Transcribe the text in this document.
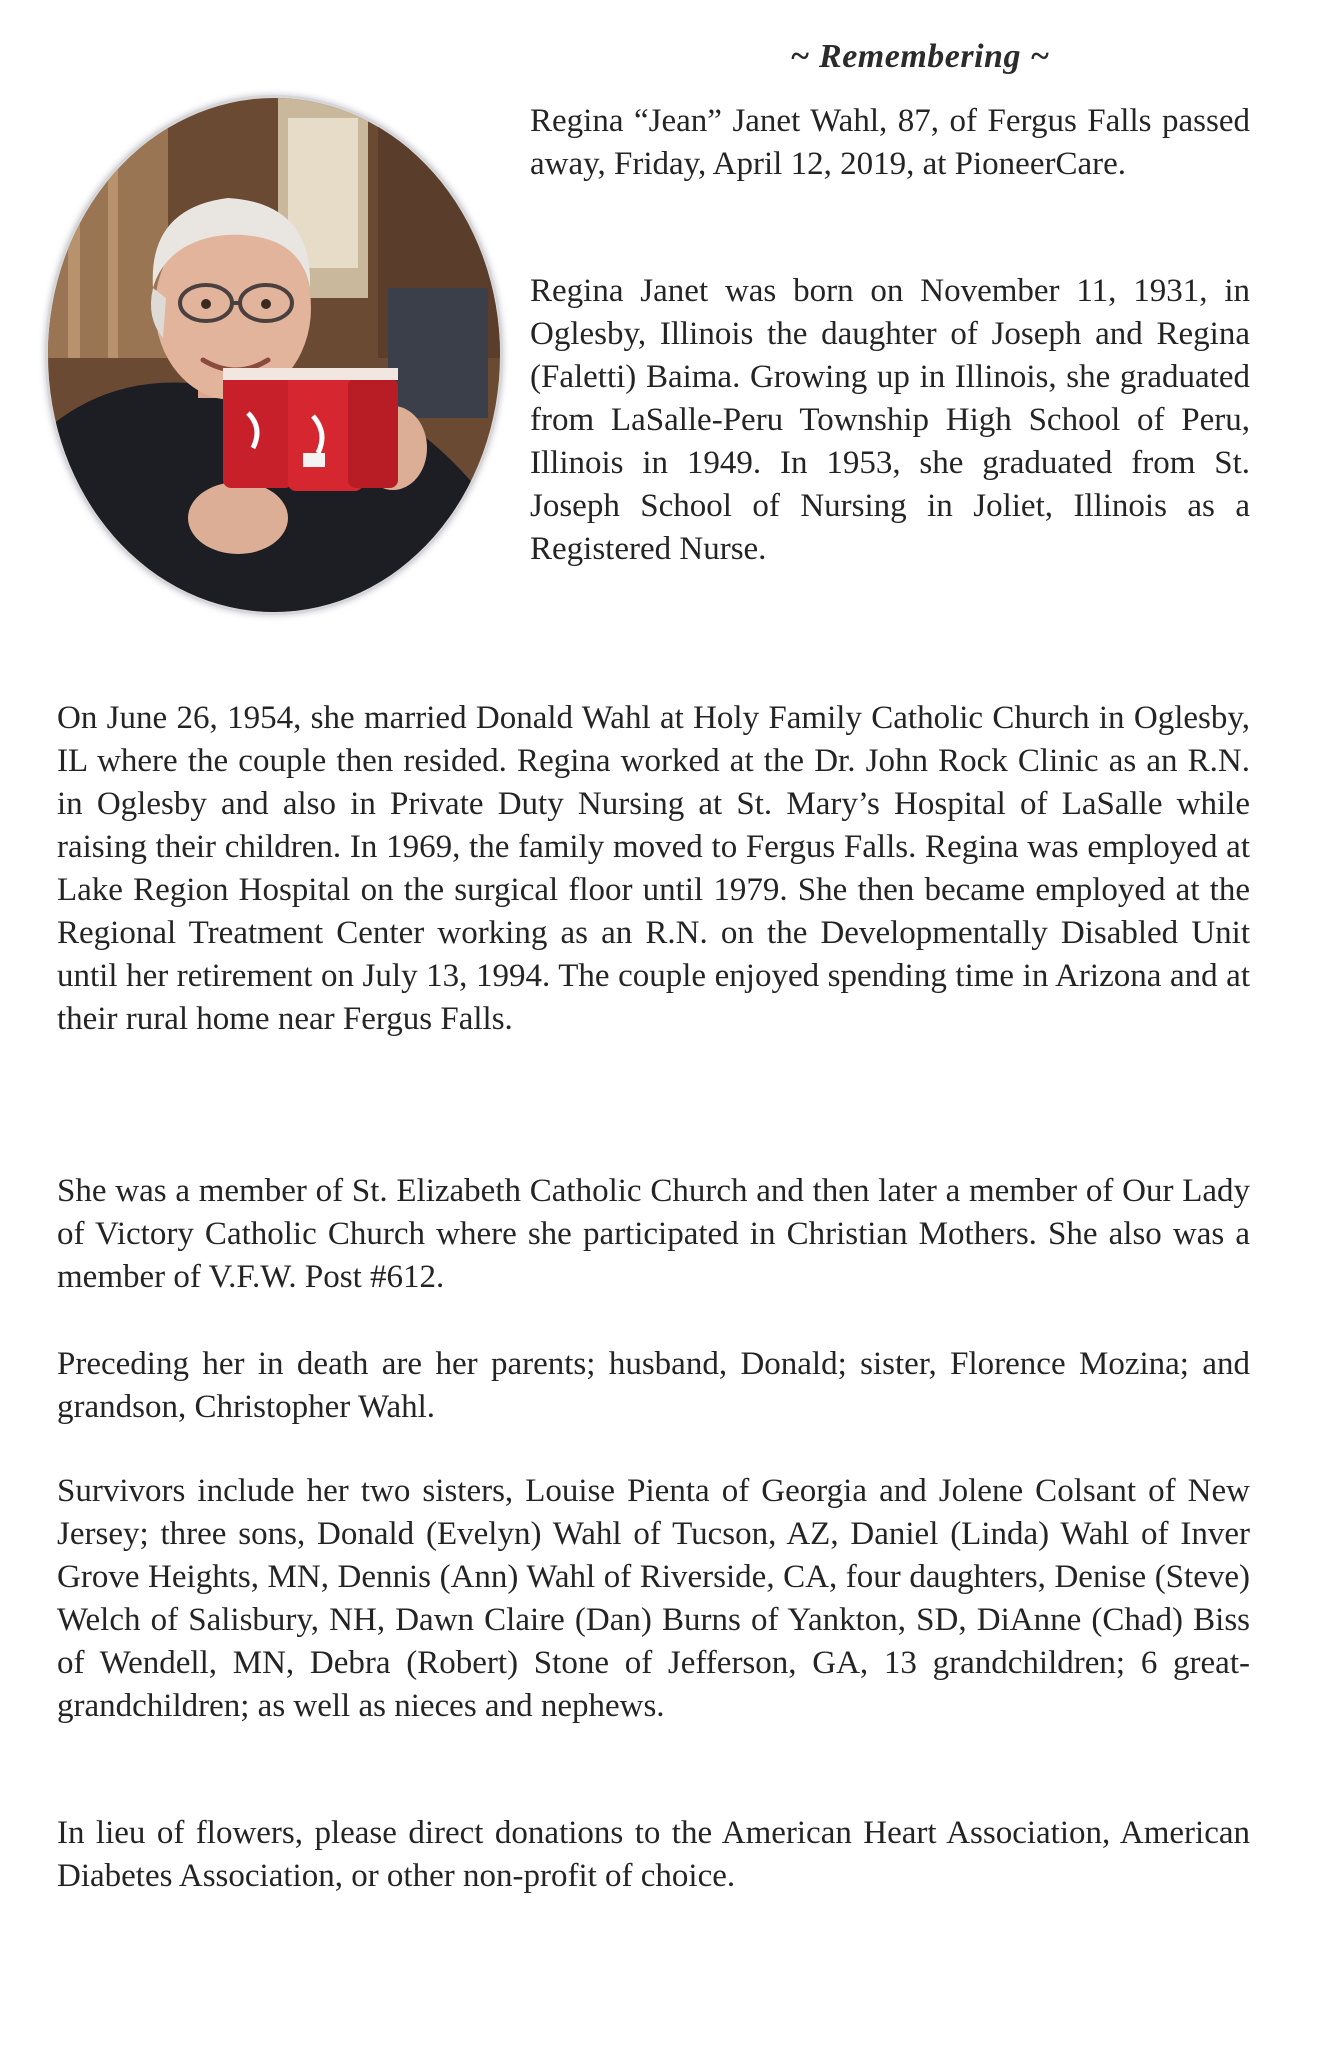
~ Remembering ~

Regina “Jean” Janet Wahl, 87, of Fergus Falls passed away, Friday, April 12, 2019, at PioneerCare.

Regina Janet was born on November 11, 1931, in Oglesby, Illinois the daughter of Joseph and Regina (Faletti) Baima. Growing up in Illinois, she graduated from LaSalle-Peru Township High School of Peru, Illinois in 1949. In 1953, she graduated from St. Joseph School of Nursing in Joliet, Illinois as a Registered Nurse.

On June 26, 1954, she married Donald Wahl at Holy Family Catholic Church in Oglesby, IL where the couple then resided. Regina worked at the Dr. John Rock Clinic as an R.N. in Oglesby and also in Private Duty Nursing at St. Mary’s Hospital of LaSalle while raising their children. In 1969, the family moved to Fergus Falls. Regina was employed at Lake Region Hospital on the surgical floor until 1979. She then became employed at the Regional Treatment Center working as an R.N. on the Developmentally Disabled Unit until her retirement on July 13, 1994. The couple enjoyed spending time in Arizona and at their rural home near Fergus Falls.

She was a member of St. Elizabeth Catholic Church and then later a member of Our Lady of Victory Catholic Church where she participated in Christian Mothers. She also was a member of V.F.W. Post #612.

Preceding her in death are her parents; husband, Donald; sister, Florence Mozina; and grandson, Christopher Wahl.

Survivors include her two sisters, Louise Pienta of Georgia and Jolene Colsant of New Jersey; three sons, Donald (Evelyn) Wahl of Tucson, AZ, Daniel (Linda) Wahl of Inver Grove Heights, MN, Dennis (Ann) Wahl of Riverside, CA, four daughters, Denise (Steve) Welch of Salisbury, NH, Dawn Claire (Dan) Burns of Yankton, SD, DiAnne (Chad) Biss of Wendell, MN, Debra (Robert) Stone of Jefferson, GA, 13 grandchildren; 6 great-grandchildren; as well as nieces and nephews.

In lieu of flowers, please direct donations to the American Heart Association, American Diabetes Association, or other non-profit of choice.
